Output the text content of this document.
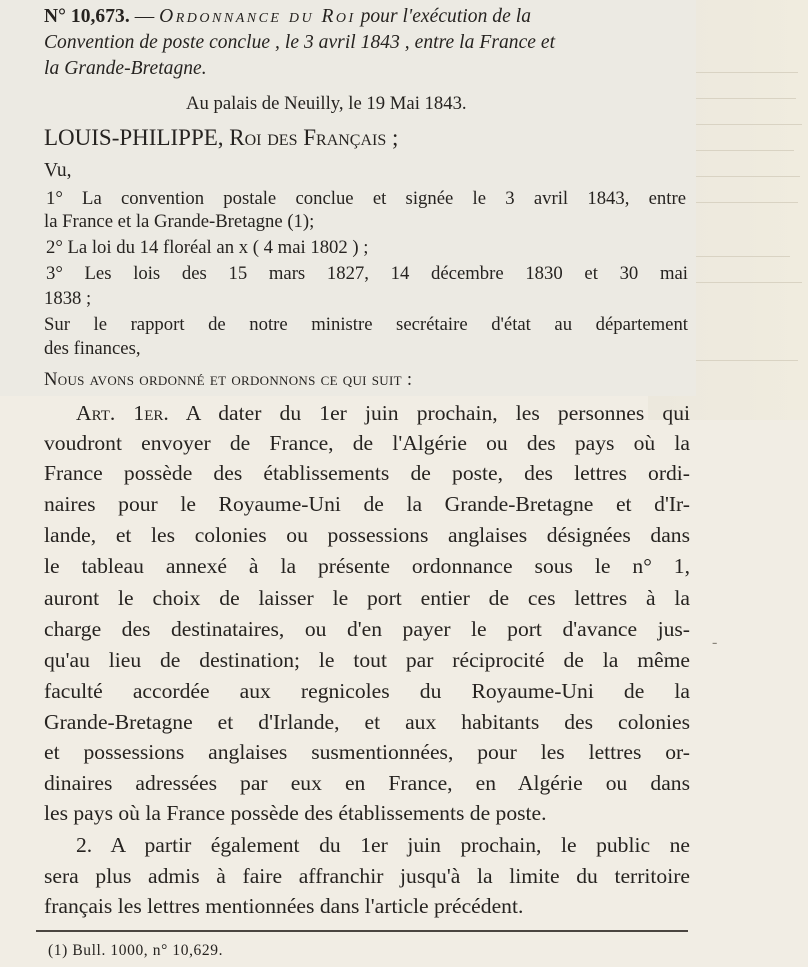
N° 10,673. — Ordonnance du Roi pour l'exécution de la
Convention de poste conclue , le 3 avril 1843 , entre la France et
la Grande-Bretagne.
Au palais de Neuilly, le 19 Mai 1843.
LOUIS-PHILIPPE, Roi des Français ;
Vu,
1° La convention postale conclue et signée le 3 avril 1843, entre
la France et la Grande-Bretagne (1);
2° La loi du 14 floréal an x ( 4 mai 1802 ) ;
3° Les lois des 15 mars 1827, 14 décembre 1830 et 30 mai
1838 ;
Sur le rapport de notre ministre secrétaire d'état au département
des finances,
Nous avons ordonné et ordonnons ce qui suit :
Art. 1er. A dater du 1er juin prochain, les personnes qui
voudront envoyer de France, de l'Algérie ou des pays où la
France possède des établissements de poste, des lettres ordi-
naires pour le Royaume-Uni de la Grande-Bretagne et d'Ir-
lande, et les colonies ou possessions anglaises désignées dans
le tableau annexé à la présente ordonnance sous le n° 1,
auront le choix de laisser le port entier de ces lettres à la
charge des destinataires, ou d'en payer le port d'avance jus-
qu'au lieu de destination; le tout par réciprocité de la même
faculté accordée aux regnicoles du Royaume-Uni de la
Grande-Bretagne et d'Irlande, et aux habitants des colonies
et possessions anglaises susmentionnées, pour les lettres or-
dinaires adressées par eux en France, en Algérie ou dans
les pays où la France possède des établissements de poste.
2. A partir également du 1er juin prochain, le public ne
sera plus admis à faire affranchir jusqu'à la limite du territoire
français les lettres mentionnées dans l'article précédent.
-
(1) Bull. 1000, n° 10,629.
